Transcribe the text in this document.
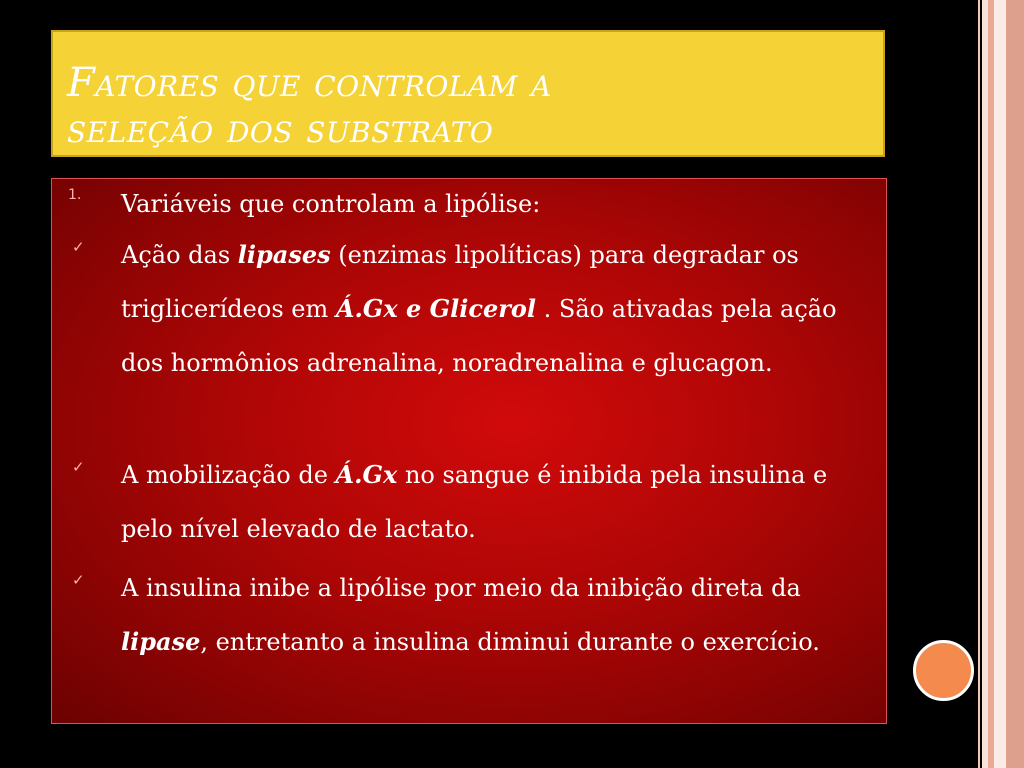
Fatores que controlam a
seleção dos substrato
1. Variáveis que controlam a lipólise:

✓ Ação das lipases (enzimas lipolíticas) para degradar os triglicerídeos em Á.Gx e Glicerol . São ativadas pela ação dos hormônios adrenalina, noradrenalina e glucagon.

✓ A mobilização de Á.Gx no sangue é inibida pela insulina e pelo nível elevado de lactato.

✓ A insulina inibe a lipólise por meio da inibição direta da lipase, entretanto a insulina diminui durante o exercício.
